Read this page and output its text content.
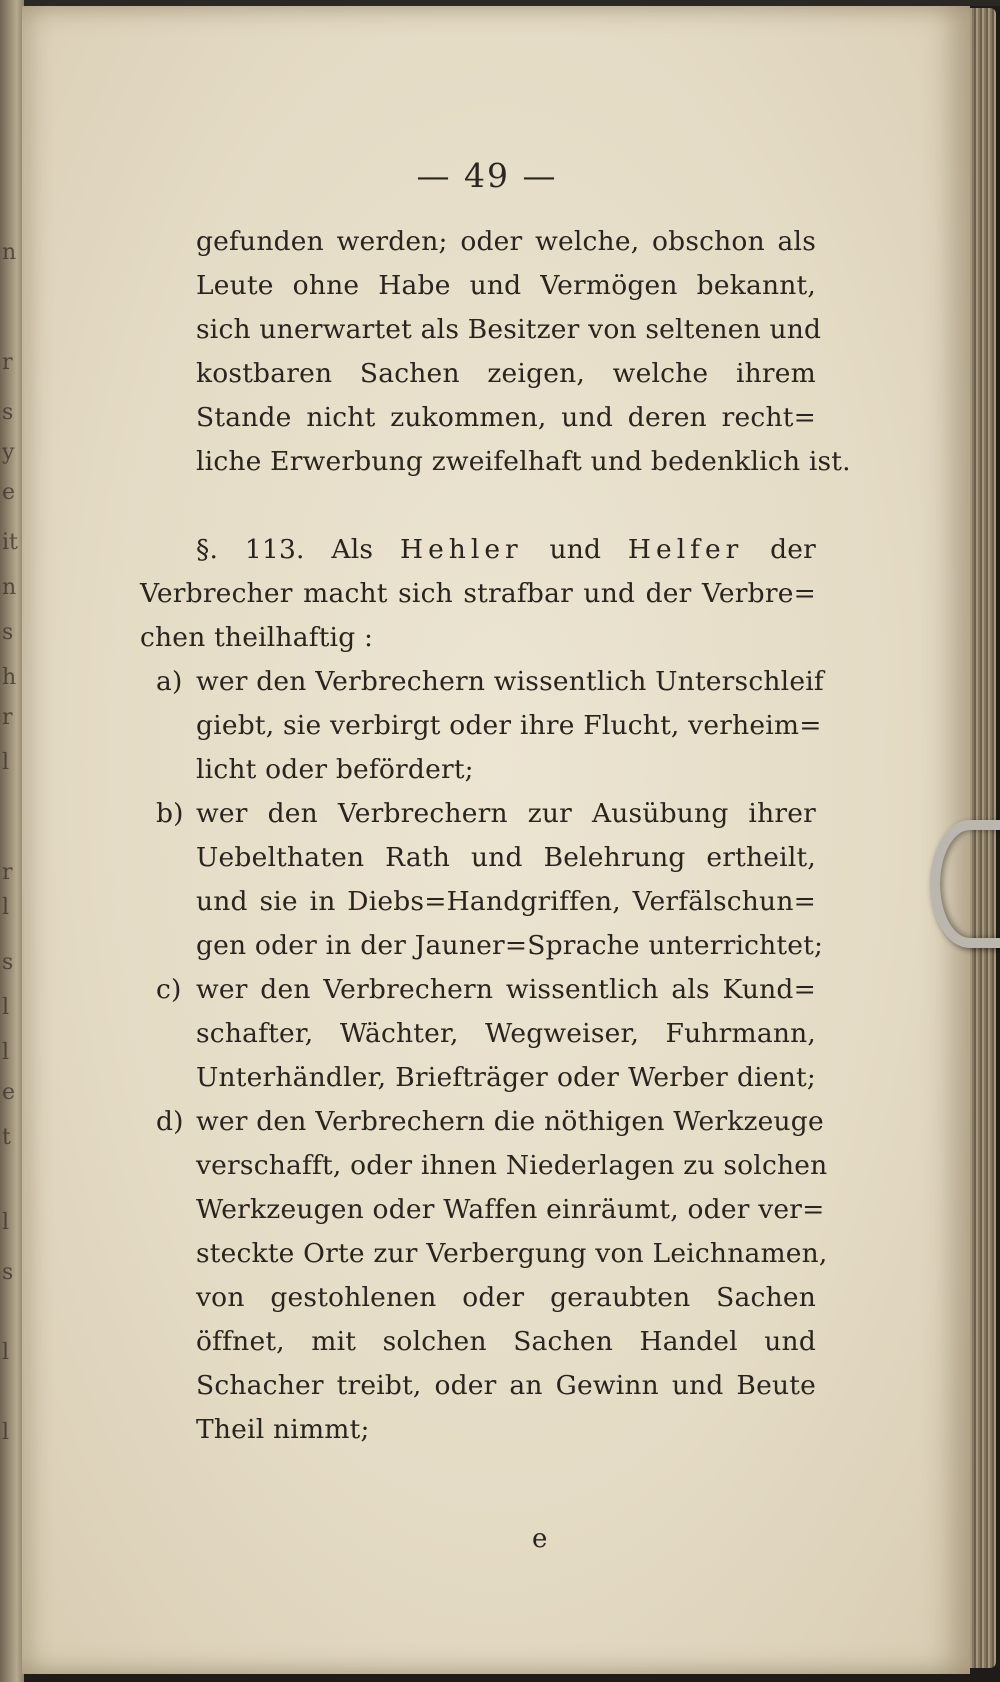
n
r
s
y
e
it
n
s
h
r
l
r
l
s
l
l
e
t
l
s
l
l
— 49 —
gefunden werden; oder welche, obschon als
Leute ohne Habe und Vermögen bekannt,
sich unerwartet als Besitzer von seltenen und
kostbaren Sachen zeigen, welche ihrem
Stande nicht zukommen, und deren recht=
liche Erwerbung zweifelhaft und bedenklich ist.
§. 113. Als Hehler und Helfer der
Verbrecher macht sich strafbar und der Verbre=
chen theilhaftig :
a) wer den Verbrechern wissentlich Unterschleif
giebt, sie verbirgt oder ihre Flucht, verheim=
licht oder befördert;
b) wer den Verbrechern zur Ausübung ihrer
Uebelthaten Rath und Belehrung ertheilt,
und sie in Diebs=Handgriffen, Verfälschun=
gen oder in der Jauner=Sprache unterrichtet;
c) wer den Verbrechern wissentlich als Kund=
schafter, Wächter, Wegweiser, Fuhrmann,
Unterhändler, Briefträger oder Werber dient;
d) wer den Verbrechern die nöthigen Werkzeuge
verschafft, oder ihnen Niederlagen zu solchen
Werkzeugen oder Waffen einräumt, oder ver=
steckte Orte zur Verbergung von Leichnamen,
von gestohlenen oder geraubten Sachen
öffnet, mit solchen Sachen Handel und
Schacher treibt, oder an Gewinn und Beute
Theil nimmt;
e
